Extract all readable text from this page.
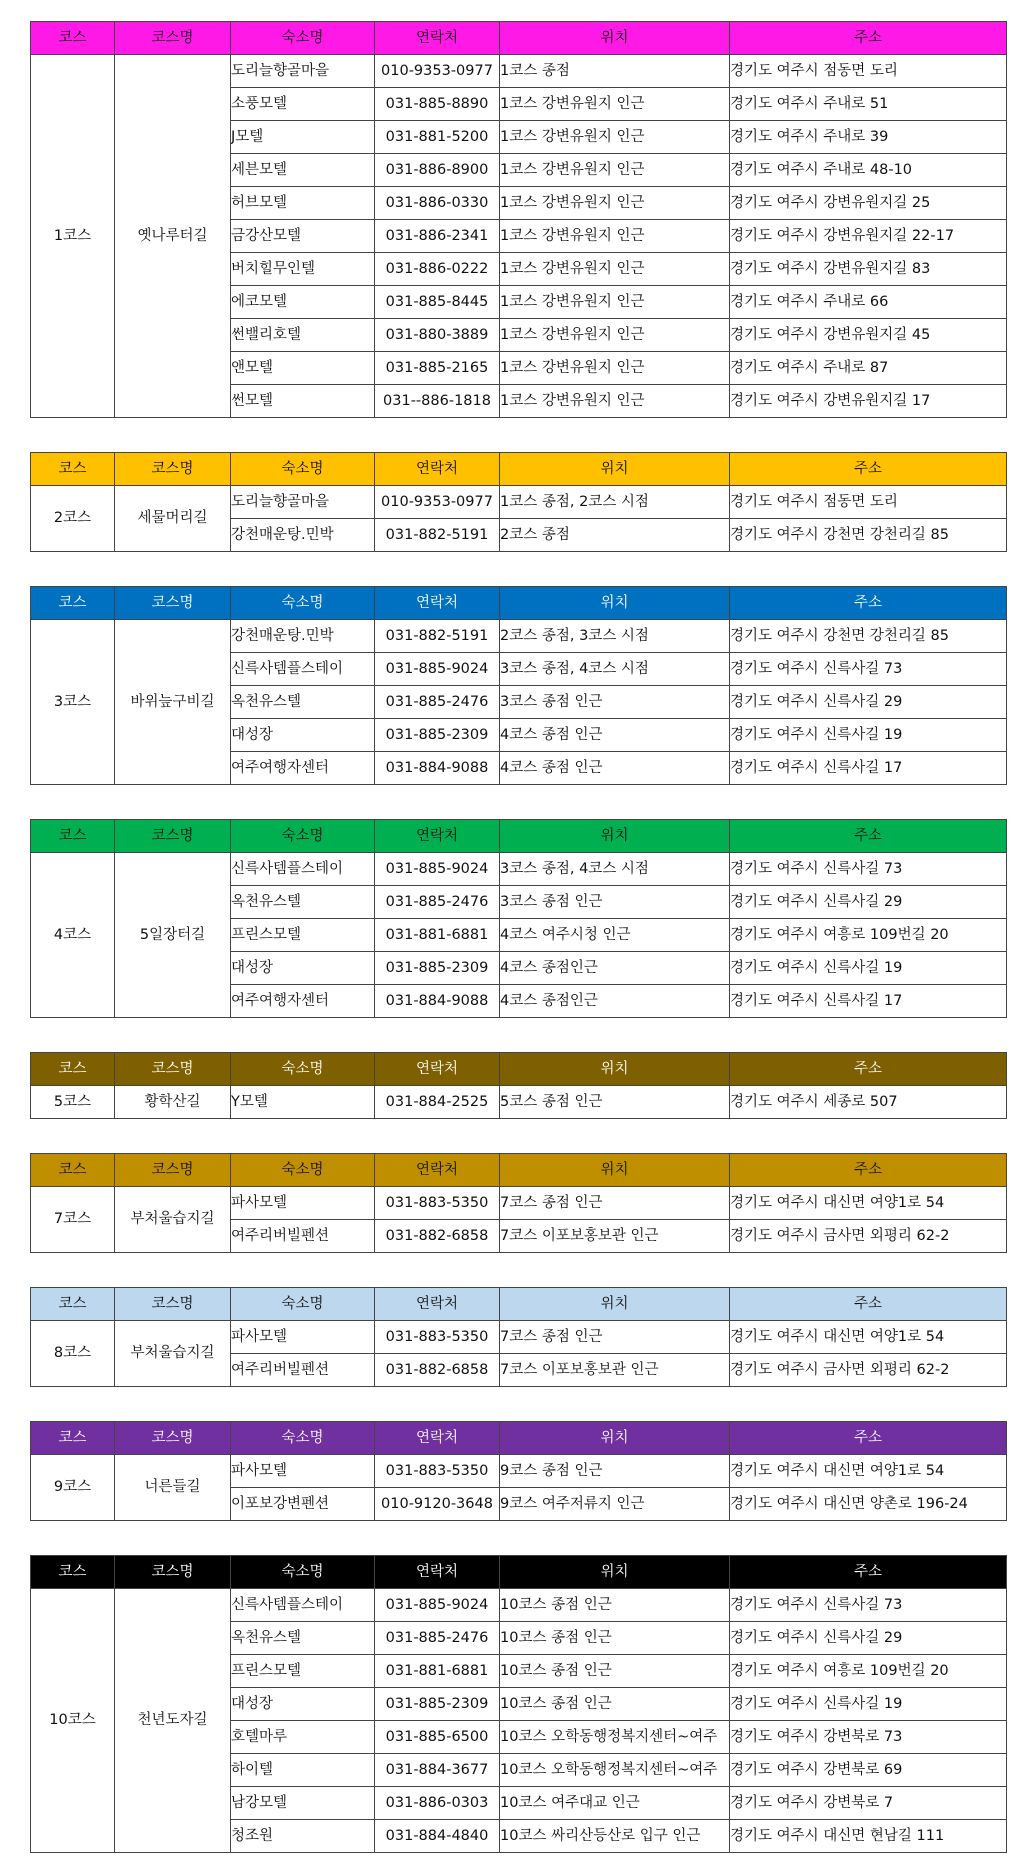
코스	코스명	숙소명	연락처	위치	주소
1코스	옛나루터길	도리늘향골마을	010-9353-0977	1코스 종점	경기도 여주시 점동면 도리
		소풍모텔	031-885-8890	1코스 강변유원지 인근	경기도 여주시 주내로 51
		J모텔	031-881-5200	1코스 강변유원지 인근	경기도 여주시 주내로 39
		세븐모텔	031-886-8900	1코스 강변유원지 인근	경기도 여주시 주내로 48-10
		허브모텔	031-886-0330	1코스 강변유원지 인근	경기도 여주시 강변유원지길 25
		금강산모텔	031-886-2341	1코스 강변유원지 인근	경기도 여주시 강변유원지길 22-17
		버치힐무인텔	031-886-0222	1코스 강변유원지 인근	경기도 여주시 강변유원지길 83
		에코모텔	031-885-8445	1코스 강변유원지 인근	경기도 여주시 주내로 66
		썬밸리호텔	031-880-3889	1코스 강변유원지 인근	경기도 여주시 강변유원지길 45
		앤모텔	031-885-2165	1코스 강변유원지 인근	경기도 여주시 주내로 87
		썬모텔	031--886-1818	1코스 강변유원지 인근	경기도 여주시 강변유원지길 17
코스	코스명	숙소명	연락처	위치	주소
2코스	세물머리길	도리늘향골마을	010-9353-0977	1코스 종점, 2코스 시점	경기도 여주시 점동면 도리
		강천매운탕.민박	031-882-5191	2코스 종점	경기도 여주시 강천면 강천리길 85
코스	코스명	숙소명	연락처	위치	주소
3코스	바위늪구비길	강천매운탕.민박	031-882-5191	2코스 종점, 3코스 시점	경기도 여주시 강천면 강천리길 85
		신륵사템플스테이	031-885-9024	3코스 종점, 4코스 시점	경기도 여주시 신륵사길 73
		옥천유스텔	031-885-2476	3코스 종점 인근	경기도 여주시 신륵사길 29
		대성장	031-885-2309	4코스 종점 인근	경기도 여주시 신륵사길 19
		여주여행자센터	031-884-9088	4코스 종점 인근	경기도 여주시 신륵사길 17
코스	코스명	숙소명	연락처	위치	주소
4코스	5일장터길	신륵사템플스테이	031-885-9024	3코스 종점, 4코스 시점	경기도 여주시 신륵사길 73
		옥천유스텔	031-885-2476	3코스 종점 인근	경기도 여주시 신륵사길 29
		프린스모텔	031-881-6881	4코스 여주시청 인근	경기도 여주시 여흥로 109번길 20
		대성장	031-885-2309	4코스 종점인근	경기도 여주시 신륵사길 19
		여주여행자센터	031-884-9088	4코스 종점인근	경기도 여주시 신륵사길 17
코스	코스명	숙소명	연락처	위치	주소
5코스	황학산길	Y모텔	031-884-2525	5코스 종점 인근	경기도 여주시 세종로 507
코스	코스명	숙소명	연락처	위치	주소
7코스	부처울습지길	파사모텔	031-883-5350	7코스 종점 인근	경기도 여주시 대신면 여양1로 54
		여주리버빌펜션	031-882-6858	7코스 이포보홍보관 인근	경기도 여주시 금사면 외평리 62-2
코스	코스명	숙소명	연락처	위치	주소
8코스	부처울습지길	파사모텔	031-883-5350	7코스 종점 인근	경기도 여주시 대신면 여양1로 54
		여주리버빌펜션	031-882-6858	7코스 이포보홍보관 인근	경기도 여주시 금사면 외평리 62-2
코스	코스명	숙소명	연락처	위치	주소
9코스	너른들길	파사모텔	031-883-5350	9코스 종점 인근	경기도 여주시 대신면 여양1로 54
		이포보강변펜션	010-9120-3648	9코스 여주저류지 인근	경기도 여주시 대신면 양촌로 196-24
코스	코스명	숙소명	연락처	위치	주소
10코스	천년도자길	신륵사템플스테이	031-885-9024	10코스 종점 인근	경기도 여주시 신륵사길 73
		옥천유스텔	031-885-2476	10코스 종점 인근	경기도 여주시 신륵사길 29
		프린스모텔	031-881-6881	10코스 종점 인근	경기도 여주시 여흥로 109번길 20
		대성장	031-885-2309	10코스 종점 인근	경기도 여주시 신륵사길 19
		호텔마루	031-885-6500	10코스 오학동행정복지센터~여주	경기도 여주시 강변북로 73
		하이텔	031-884-3677	10코스 오학동행정복지센터~여주	경기도 여주시 강변북로 69
		남강모텔	031-886-0303	10코스 여주대교 인근	경기도 여주시 강변북로 7
		청조원	031-884-4840	10코스 싸리산등산로 입구 인근	경기도 여주시 대신면 현남길 111
